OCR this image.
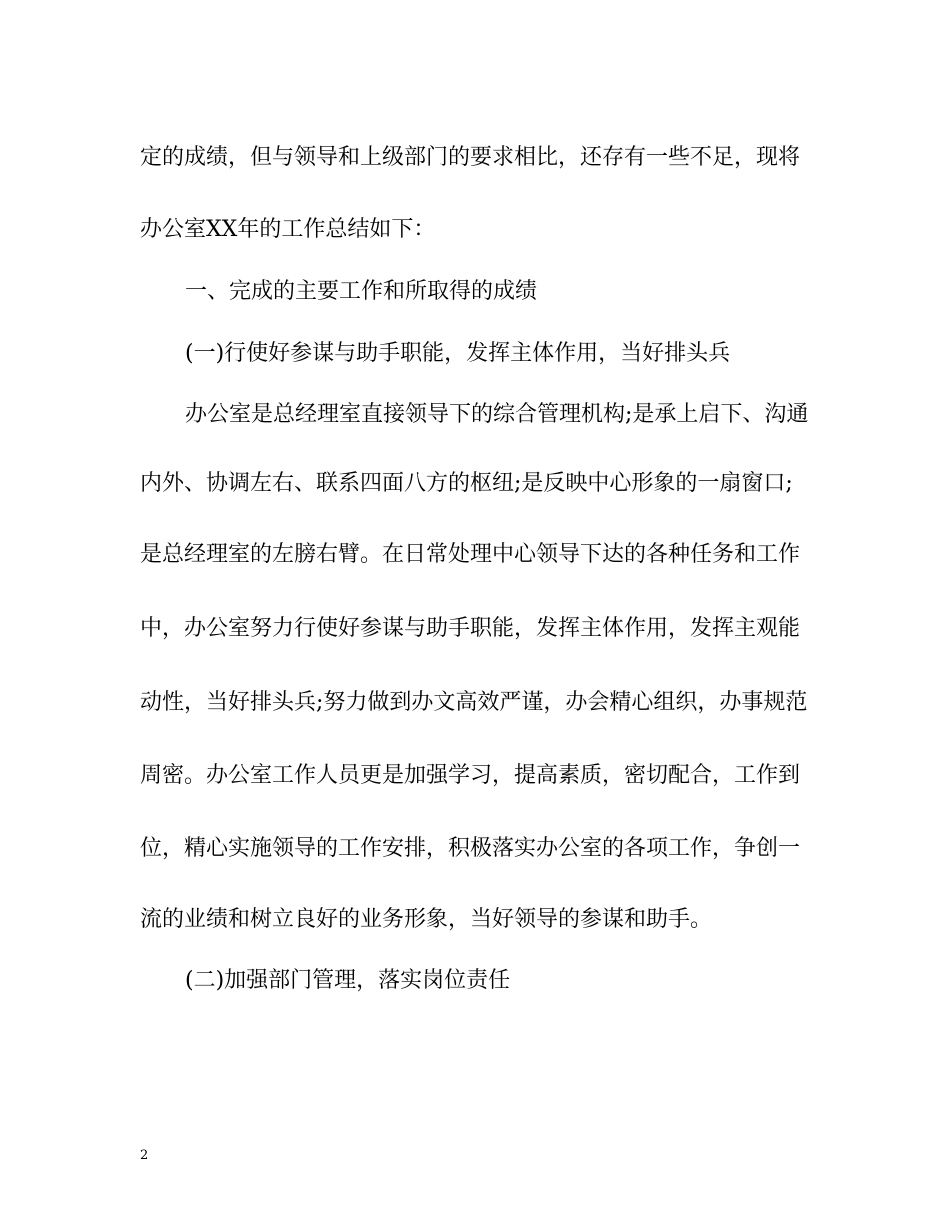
定的成绩，但与领导和上级部门的要求相比，还存有一些不足，现将
办公室XX年的工作总结如下：
一、完成的主要工作和所取得的成绩
(一)行使好参谋与助手职能，发挥主体作用，当好排头兵
办公室是总经理室直接领导下的综合管理机构;是承上启下、沟通
内外、协调左右、联系四面八方的枢纽;是反映中心形象的一扇窗口;
是总经理室的左膀右臂。在日常处理中心领导下达的各种任务和工作
中，办公室努力行使好参谋与助手职能，发挥主体作用，发挥主观能
动性，当好排头兵;努力做到办文高效严谨，办会精心组织，办事规范
周密。办公室工作人员更是加强学习，提高素质，密切配合，工作到
位，精心实施领导的工作安排，积极落实办公室的各项工作，争创一
流的业绩和树立良好的业务形象，当好领导的参谋和助手。
(二)加强部门管理，落实岗位责任
2
